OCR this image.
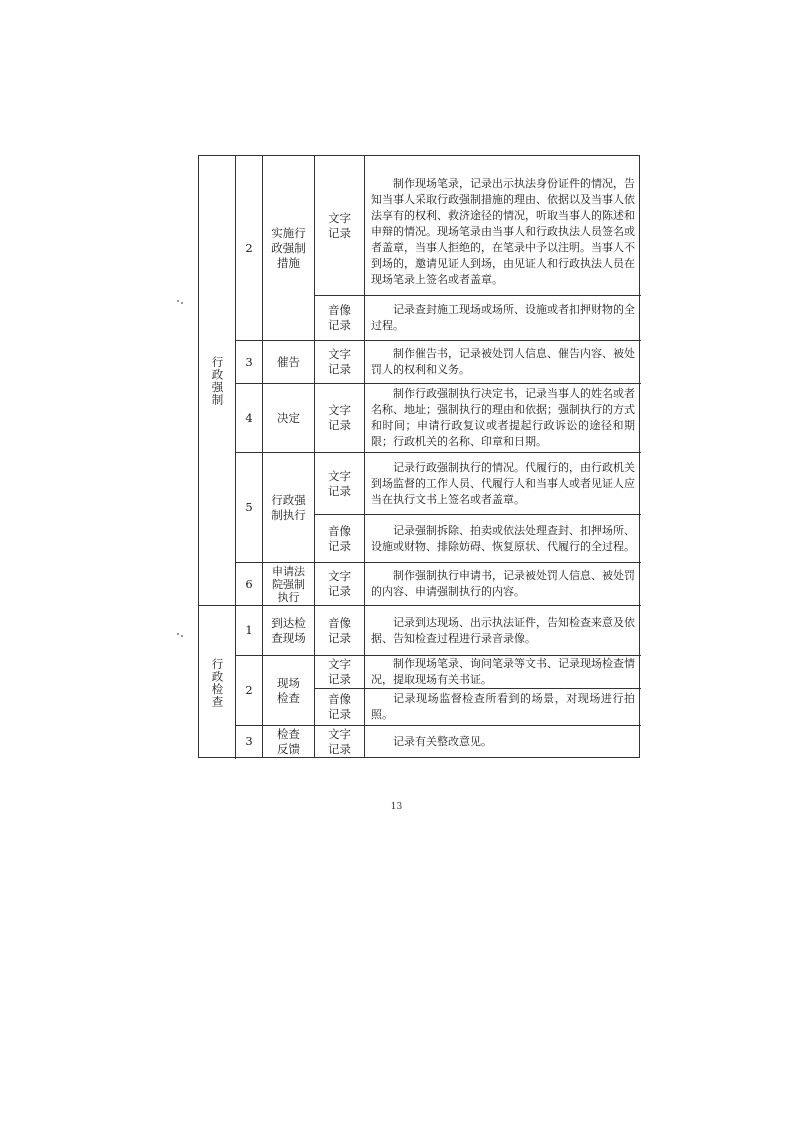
行政强制
行政检查
2
实施行政强制措施
文字记录
制作现场笔录，记录出示执法身份证件的情况，告知当事人采取行政强制措施的理由、依据以及当事人依法享有的权利、救济途径的情况，听取当事人的陈述和申辩的情况。现场笔录由当事人和行政执法人员签名或者盖章，当事人拒绝的，在笔录中予以注明。当事人不到场的，邀请见证人到场，由见证人和行政执法人员在现场笔录上签名或者盖章。
音像记录
记录查封施工现场或场所、设施或者扣押财物的全过程。
3	催告
文字记录
制作催告书，记录被处罚人信息、催告内容、被处罚人的权利和义务。
4	决定
文字记录
制作行政强制执行决定书，记录当事人的姓名或者名称、地址；强制执行的理由和依据；强制执行的方式和时间；申请行政复议或者提起行政诉讼的途径和期限；行政机关的名称、印章和日期。
5
行政强制执行
文字记录
记录行政强制执行的情况。代履行的，由行政机关到场监督的工作人员、代履行人和当事人或者见证人应当在执行文书上签名或者盖章。
音像记录
记录强制拆除、拍卖或依法处理查封、扣押场所、设施或财物、排除妨碍、恢复原状、代履行的全过程。
6
申请法院强制执行
文字记录
制作强制执行申请书，记录被处罚人信息、被处罚的内容、申请强制执行的内容。
1
到达检查现场
音像记录
记录到达现场、出示执法证件，告知检查来意及依据、告知检查过程进行录音录像。
2
现场检查
文字记录
制作现场笔录、询问笔录等文书、记录现场检查情况，提取现场有关书证。
音像记录
记录现场监督检查所看到的场景，对现场进行拍照。
3
检查反馈
文字记录
记录有关整改意见。
13
